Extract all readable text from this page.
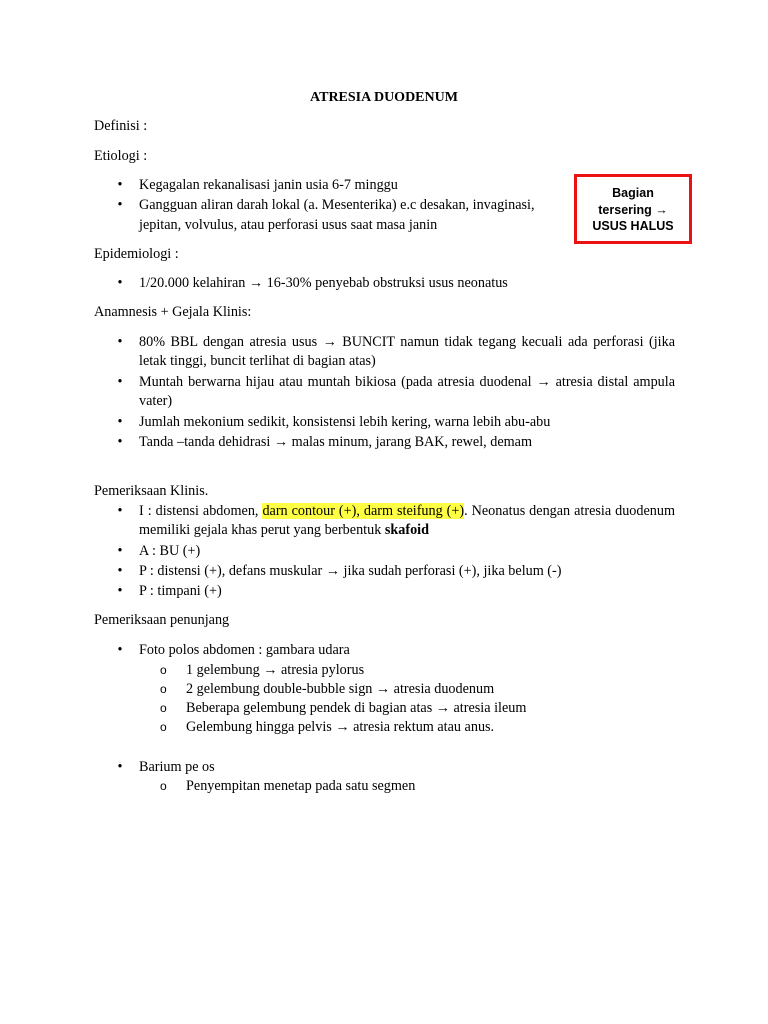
ATRESIA DUODENUM
Definisi :
Etiologi :
•	Kegagalan rekanalisasi janin usia 6-7 minggu
•	Gangguan aliran darah lokal (a. Mesenterika) e.c desakan, invaginasi,
jepitan, volvulus, atau perforasi usus saat masa janin
Bagian
tersering →
USUS HALUS
Epidemiologi :
•	1/20.000 kelahiran → 16-30% penyebab obstruksi usus neonatus
Anamnesis + Gejala Klinis:
•	80% BBL dengan atresia usus → BUNCIT namun tidak tegang kecuali ada perforasi (jika letak tinggi, buncit terlihat di bagian atas)
•	Muntah berwarna hijau atau muntah bikiosa (pada atresia duodenal → atresia distal ampula vater)
•	Jumlah mekonium sedikit, konsistensi lebih kering, warna lebih abu-abu
•	Tanda –tanda dehidrasi → malas minum, jarang BAK, rewel, demam
Pemeriksaan Klinis.
•	I : distensi abdomen, darn contour (+), darm steifung (+). Neonatus dengan atresia duodenum memiliki gejala khas perut yang berbentuk skafoid
•	A : BU (+)
•	P : distensi (+), defans muskular → jika sudah perforasi (+), jika belum (-)
•	P : timpani (+)
Pemeriksaan penunjang
•	Foto polos abdomen : gambara udara
o 1 gelembung → atresia pylorus
o 2 gelembung double-bubble sign → atresia duodenum
o Beberapa gelembung pendek di bagian atas → atresia ileum
o Gelembung hingga pelvis → atresia rektum atau anus.
•	Barium pe os
o Penyempitan menetap pada satu segmen
